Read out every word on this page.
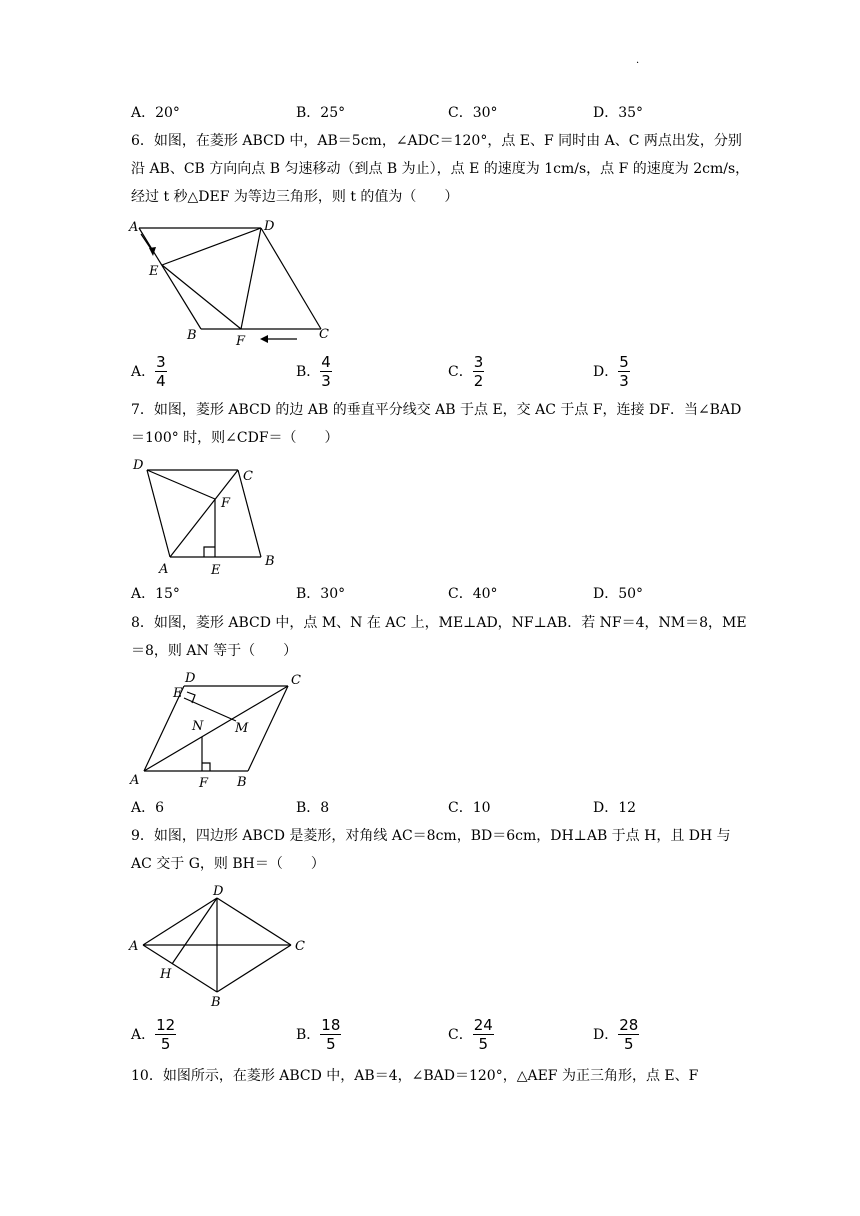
·
A．20°	B．25°	C．30°	D．35°
6．如图，在菱形 ABCD 中，AB＝5cm，∠ADC＝120°，点 E、F 同时由 A、C 两点出发，分别
沿 AB、CB 方向向点 B 匀速移动（到点 B 为止），点 E 的速度为 1cm/s，点 F 的速度为 2cm/s，
经过 t 秒△DEF 为等边三角形，则 t 的值为（　　）
A	D
E
B	F	C
A． $\frac{3}{4}$	B． $\frac{4}{3}$	C． $\frac{3}{2}$	D． $\frac{5}{3}$
7．如图，菱形 ABCD 的边 AB 的垂直平分线交 AB 于点 E，交 AC 于点 F，连接 DF．当∠BAD
＝100° 时，则∠CDF＝（　　）
D
C
F
A	E
B
A．15°	B．30°	C．40°	D．50°
8．如图，菱形 ABCD 中，点 M、N 在 AC 上，ME⊥AD，NF⊥AB．若 NF＝4，NM＝8，ME
＝8，则 AN 等于（　　）
D	C
E
N M
A	F B
A．6	B．8	C．10	D．12
9．如图，四边形 ABCD 是菱形，对角线 AC＝8cm，BD＝6cm，DH⊥AB 于点 H，且 DH 与
AC 交于 G，则 BH＝（　　）
D
A	C
H
B
A． $\frac{12}{5}$	B． $\frac{18}{5}$	C． $\frac{24}{5}$	D． $\frac{28}{5}$
10．如图所示，在菱形 ABCD 中，AB＝4，∠BAD＝120°，△AEF 为正三角形，点 E、F
